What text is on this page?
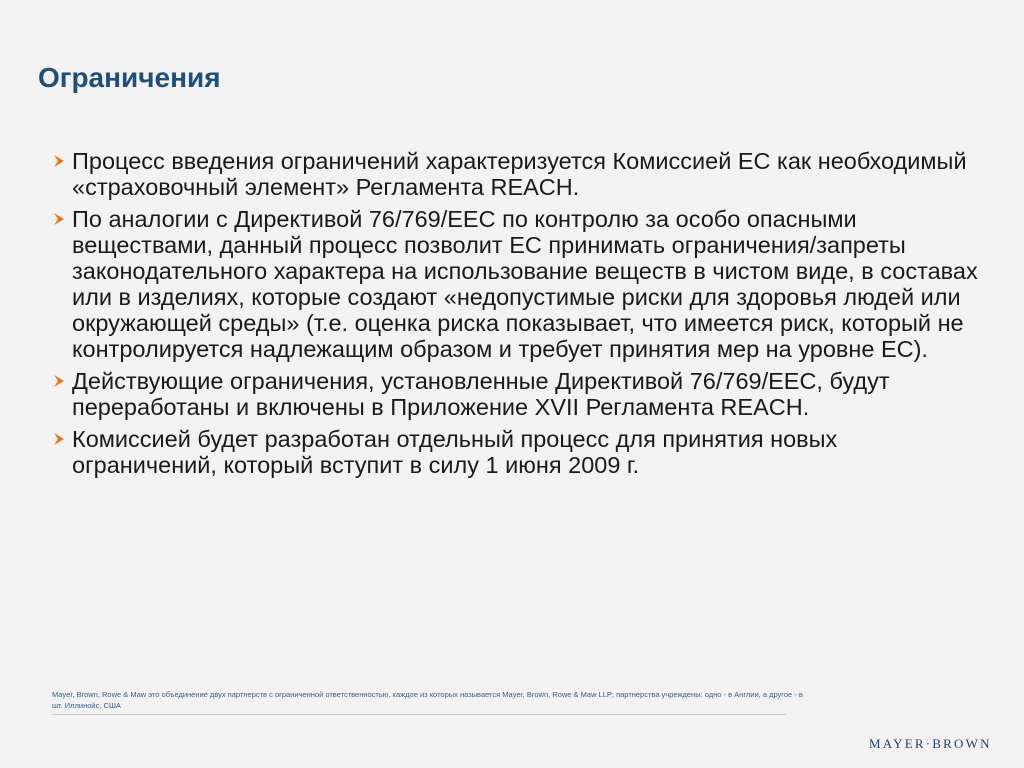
Ограничения
Процесс введения ограничений характеризуется Комиссией ЕС как необходимый «страховочный элемент» Регламента REACH.
По аналогии с Директивой 76/769/EEC по контролю за особо опасными веществами, данный процесс позволит ЕС принимать ограничения/запреты законодательного характера на использование веществ в чистом виде, в составах или в изделиях, которые создают «недопустимые риски для здоровья людей или окружающей среды» (т.е. оценка риска показывает, что имеется риск, который не контролируется надлежащим образом и требует принятия мер на уровне ЕС).
Действующие ограничения, установленные Директивой 76/769/EEC, будут переработаны и включены в Приложение XVII Регламента REACH.
Комиссией будет разработан отдельный процесс для принятия новых ограничений, который вступит в силу 1 июня 2009 г.
Mayer, Brown, Rowe & Maw это объединение двух партнерств с ограниченной ответственностью, каждое из которых называется Mayer, Brown, Rowe & Maw LLP; партнерства учреждены: одно - в Англии, а другое - в шт. Иллинойс, США
MAYER·BROWN
